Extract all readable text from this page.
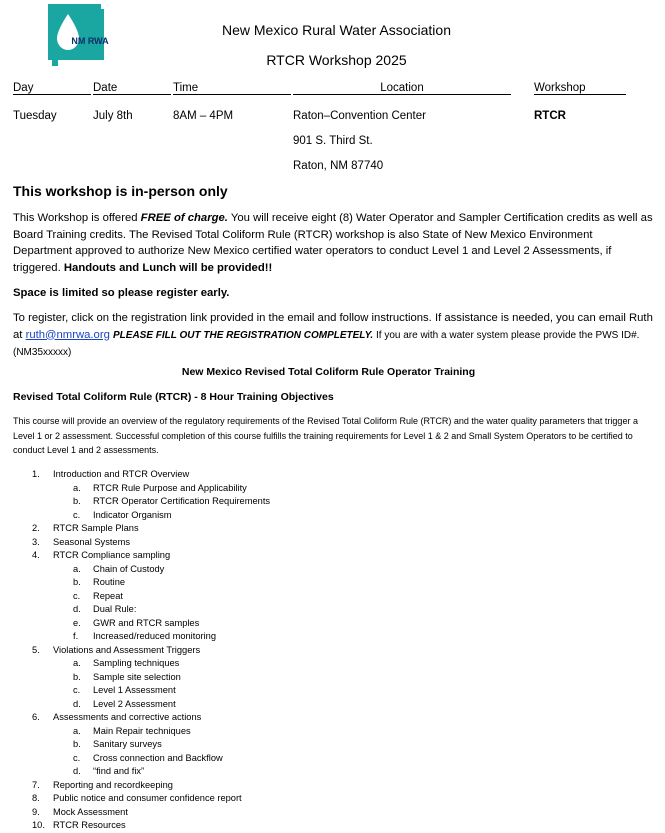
NM RWA
New Mexico Rural Water Association
RTCR Workshop 2025
Day	Date	Time	Location	Workshop
Tuesday	July 8th	8AM – 4PM	Raton–Convention Center	RTCR
901 S. Third St.
Raton, NM 87740
This workshop is in-person only
This Workshop is offered FREE of charge. You will receive eight (8) Water Operator and Sampler Certification credits as well as Board Training credits. The Revised Total Coliform Rule (RTCR) workshop is also State of New Mexico Environment Department approved to authorize New Mexico certified water operators to conduct Level 1 and Level 2 Assessments, if triggered. Handouts and Lunch will be provided!!
Space is limited so please register early.
To register, click on the registration link provided in the email and follow instructions. If assistance is needed, you can email Ruth at ruth@nmrwa.org PLEASE FILL OUT THE REGISTRATION COMPLETELY. If you are with a water system please provide the PWS ID#. (NM35xxxxx)
New Mexico Revised Total Coliform Rule Operator Training
Revised Total Coliform Rule (RTCR) - 8 Hour Training Objectives
This course will provide an overview of the regulatory requirements of the Revised Total Coliform Rule (RTCR) and the water quality parameters that trigger a Level 1 or 2 assessment. Successful completion of this course fulfills the training requirements for Level 1 & 2 and Small System Operators to be certified to conduct Level 1 and 2 assessments.
1. Introduction and RTCR Overview
a. RTCR Rule Purpose and Applicability
b. RTCR Operator Certification Requirements
c. Indicator Organism
2. RTCR Sample Plans
3. Seasonal Systems
4. RTCR Compliance sampling
a. Chain of Custody
b. Routine
c. Repeat
d. Dual Rule:
e. GWR and RTCR samples
f. Increased/reduced monitoring
5. Violations and Assessment Triggers
a. Sampling techniques
b. Sample site selection
c. Level 1 Assessment
d. Level 2 Assessment
6. Assessments and corrective actions
a. Main Repair techniques
b. Sanitary surveys
c. Cross connection and Backflow
d. “find and fix”
7. Reporting and recordkeeping
8. Public notice and consumer confidence report
9. Mock Assessment
10. RTCR Resources
